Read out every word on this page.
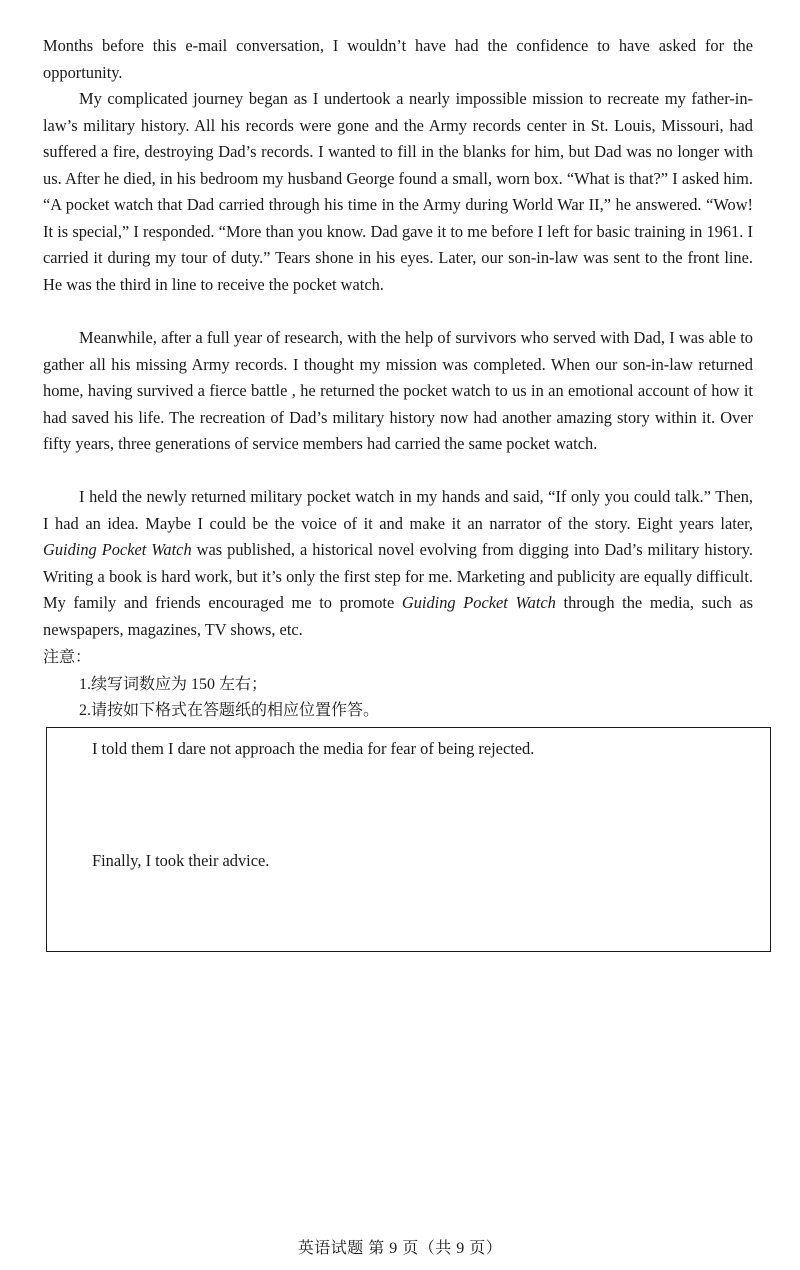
Months before this e-mail conversation, I wouldn’t have had the confidence to have asked for the opportunity.

My complicated journey began as I undertook a nearly impossible mission to recreate my father-in-law’s military history. All his records were gone and the Army records center in St. Louis, Missouri, had suffered a fire, destroying Dad’s records. I wanted to fill in the blanks for him, but Dad was no longer with us. After he died, in his bedroom my husband George found a small, worn box. “What is that?” I asked him. “A pocket watch that Dad carried through his time in the Army during World War II,” he answered. “Wow! It is special,” I responded. “More than you know. Dad gave it to me before I left for basic training in 1961. I carried it during my tour of duty.” Tears shone in his eyes. Later, our son-in-law was sent to the front line. He was the third in line to receive the pocket watch.

Meanwhile, after a full year of research, with the help of survivors who served with Dad, I was able to gather all his missing Army records. I thought my mission was completed. When our son-in-law returned home, having survived a fierce battle , he returned the pocket watch to us in an emotional account of how it had saved his life. The recreation of Dad’s military history now had another amazing story within it. Over fifty years, three generations of service members had carried the same pocket watch.

I held the newly returned military pocket watch in my hands and said, “If only you could talk.” Then, I had an idea. Maybe I could be the voice of it and make it an narrator of the story. Eight years later, Guiding Pocket Watch was published, a historical novel evolving from digging into Dad’s military history. Writing a book is hard work, but it’s only the first step for me. Marketing and publicity are equally difficult. My family and friends encouraged me to promote Guiding Pocket Watch through the media, such as newspapers, magazines, TV shows, etc.

注意：

1.续写词数应为 150 左右；

2.请按如下格式在答题纸的相应位置作答。

I told them I dare not approach the media for fear of being rejected.

Finally, I took their advice.

英语试题 第 9 页（共 9 页）
